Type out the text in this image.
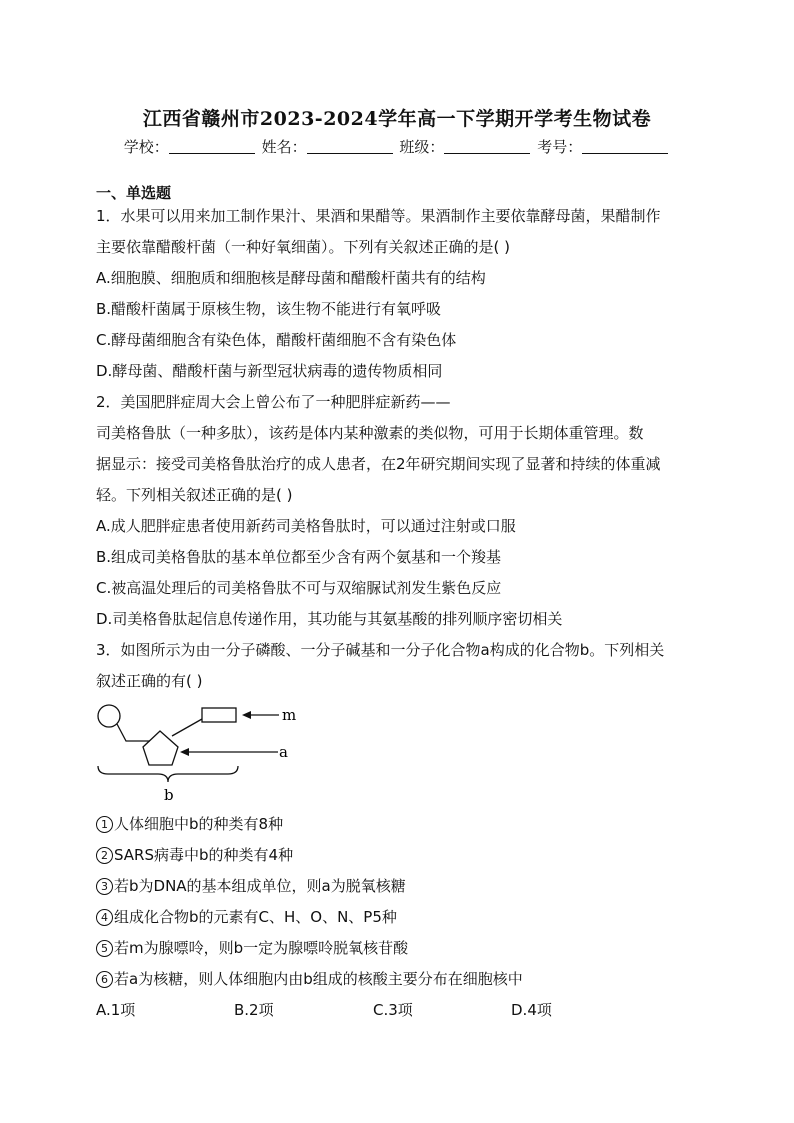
江西省赣州市2023-2024学年高一下学期开学考生物试卷
学校：	姓名：	班级：	考号：
一、单选题
1．水果可以用来加工制作果汁、果酒和果醋等。果酒制作主要依靠酵母菌，果醋制作
主要依靠醋酸杆菌（一种好氧细菌）。下列有关叙述正确的是( )
A.细胞膜、细胞质和细胞核是酵母菌和醋酸杆菌共有的结构
B.醋酸杆菌属于原核生物，该生物不能进行有氧呼吸
C.酵母菌细胞含有染色体，醋酸杆菌细胞不含有染色体
D.酵母菌、醋酸杆菌与新型冠状病毒的遗传物质相同
2．美国肥胖症周大会上曾公布了一种肥胖症新药——
司美格鲁肽（一种多肽），该药是体内某种激素的类似物，可用于长期体重管理。数
据显示：接受司美格鲁肽治疗的成人患者，在2年研究期间实现了显著和持续的体重减
轻。下列相关叙述正确的是( )
A.成人肥胖症患者使用新药司美格鲁肽时，可以通过注射或口服
B.组成司美格鲁肽的基本单位都至少含有两个氨基和一个羧基
C.被高温处理后的司美格鲁肽不可与双缩脲试剂发生紫色反应
D.司美格鲁肽起信息传递作用，其功能与其氨基酸的排列顺序密切相关
3．如图所示为由一分子磷酸、一分子碱基和一分子化合物a构成的化合物b。下列相关
叙述正确的有( )
m
a
b
1 人体细胞中b的种类有8种
2 SARS病毒中b的种类有4种
3 若b为DNA的基本组成单位，则a为脱氧核糖
4 组成化合物b的元素有C、H、O、N、P5种
5 若m为腺嘌呤，则b一定为腺嘌呤脱氧核苷酸
6 若a为核糖，则人体细胞内由b组成的核酸主要分布在细胞核中
A.1项	B.2项	C.3项	D.4项
